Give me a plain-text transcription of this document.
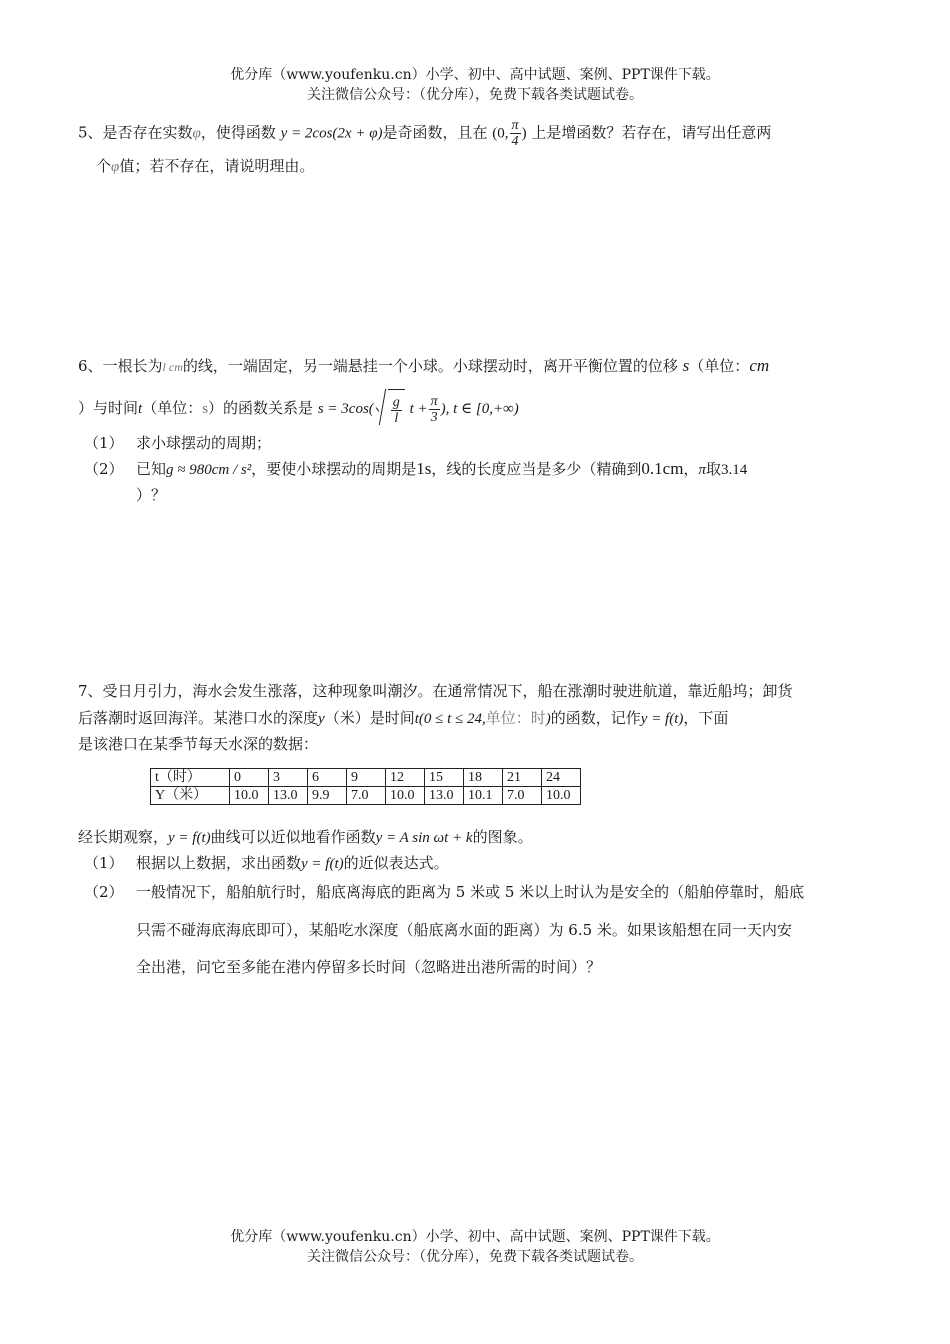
优分库（www.youfenku.cn）小学、初中、高中试题、案例、PPT课件下载。
关注微信公众号：（优分库），免费下载各类试题试卷。
5、是否存在实数φ，使得函数 y = 2cos(2x + φ)是奇函数，且在 (0, $\frac{\pi}{4}$ ) 上是增函数？若存在，请写出任意两
个φ值；若不存在，请说明理由。
6、一根长为l cm的线，一端固定，另一端悬挂一个小球。小球摆动时，离开平衡位置的位移 s（单位：cm
）与时间t（单位：s）的函数关系是 $s = 3\cos( \frac{g}{l}$ $t + \frac{\pi}{3}$ ), t ∈ [0,+∞)
（1） 求小球摆动的周期；
（2） 已知g ≈ 980cm / s²，要使小球摆动的周期是1s，线的长度应当是多少（精确到0.1cm，π取3.14
）？
7、受日月引力，海水会发生涨落，这种现象叫潮汐。在通常情况下，船在涨潮时驶进航道，靠近船坞；卸货
后落潮时返回海洋。某港口水的深度y（米）是时间t(0 ≤ t ≤ 24,单位：时)的函数，记作y = f(t)，下面
是该港口在某季节每天水深的数据：
t（时）	0	3	6	9	12	15	18	21	24
Y（米）	10.0	13.0	9.9	7.0	10.0	13.0	10.1	7.0	10.0
经长期观察，y = f(t)曲线可以近似地看作函数y = A sin ωt + k的图象。
（1） 根据以上数据，求出函数y = f(t)的近似表达式。
（2） 一般情况下，船舶航行时，船底离海底的距离为 5 米或 5 米以上时认为是安全的（船舶停靠时，船底
只需不碰海底海底即可），某船吃水深度（船底离水面的距离）为 6.5 米。如果该船想在同一天内安
全出港，问它至多能在港内停留多长时间（忽略进出港所需的时间）？
优分库（www.youfenku.cn）小学、初中、高中试题、案例、PPT课件下载。
关注微信公众号：（优分库），免费下载各类试题试卷。
